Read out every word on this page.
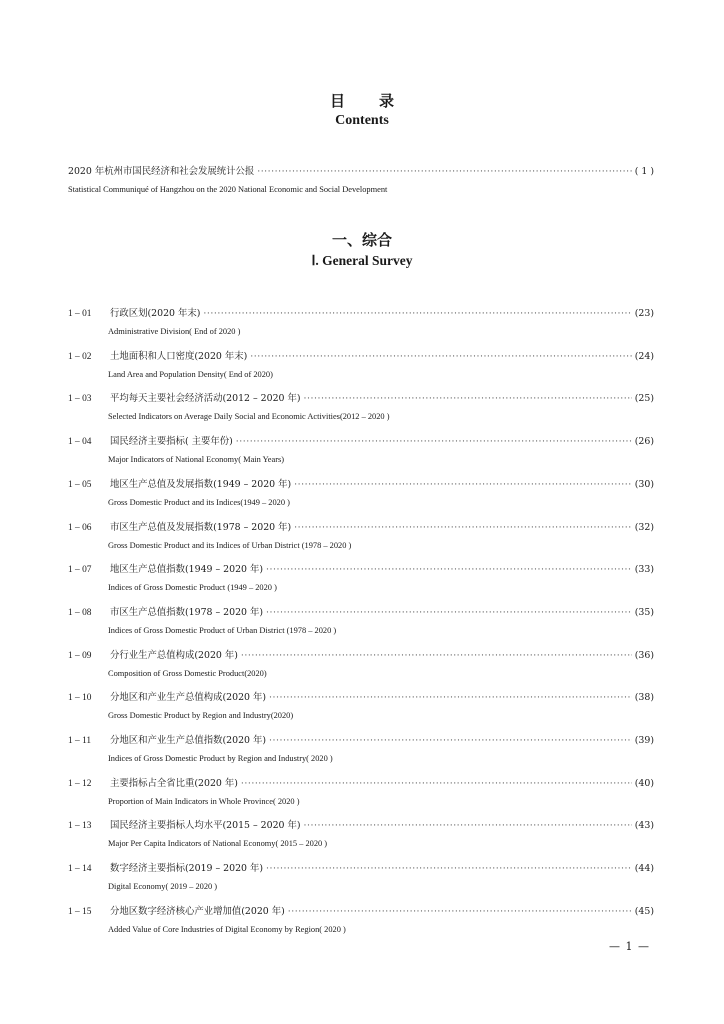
目 录
Contents
2020 年杭州市国民经济和社会发展统计公报 ·····	( 1 )
Statistical Communiqué of Hangzhou on the 2020 National Economic and Social Development
一、综合
Ⅰ. General Survey
1 – 01 行政区划(2020 年末) ·····	(23)
Administrative Division( End of 2020 )
1 – 02 土地面积和人口密度(2020 年末) ·····	(24)
Land Area and Population Density( End of 2020)
1 – 03 平均每天主要社会经济活动(2012 – 2020 年) ·····	(25)
Selected Indicators on Average Daily Social and Economic Activities(2012 – 2020 )
1 – 04 国民经济主要指标( 主要年份) ·····	(26)
Major Indicators of National Economy( Main Years)
1 – 05 地区生产总值及发展指数(1949 – 2020 年) ·····	(30)
Gross Domestic Product and its Indices(1949 – 2020 )
1 – 06 市区生产总值及发展指数(1978 – 2020 年) ·····	(32)
Gross Domestic Product and its Indices of Urban District (1978 – 2020 )
1 – 07 地区生产总值指数(1949 – 2020 年) ·····	(33)
Indices of Gross Domestic Product (1949 – 2020 )
1 – 08 市区生产总值指数(1978 – 2020 年) ·····	(35)
Indices of Gross Domestic Product of Urban District (1978 – 2020 )
1 – 09 分行业生产总值构成(2020 年) ·····	(36)
Composition of Gross Domestic Product(2020)
1 – 10 分地区和产业生产总值构成(2020 年) ·····	(38)
Gross Domestic Product by Region and Industry(2020)
1 – 11 分地区和产业生产总值指数(2020 年) ·····	(39)
Indices of Gross Domestic Product by Region and Industry( 2020 )
1 – 12 主要指标占全省比重(2020 年) ·····	(40)
Proportion of Main Indicators in Whole Province( 2020 )
1 – 13 国民经济主要指标人均水平(2015 – 2020 年) ·····	(43)
Major Per Capita Indicators of National Economy( 2015 – 2020 )
1 – 14 数字经济主要指标(2019 – 2020 年) ·····	(44)
Digital Economy( 2019 – 2020 )
1 – 15 分地区数字经济核心产业增加值(2020 年) ·····	(45)
Added Value of Core Industries of Digital Economy by Region( 2020 )
— 1 —
